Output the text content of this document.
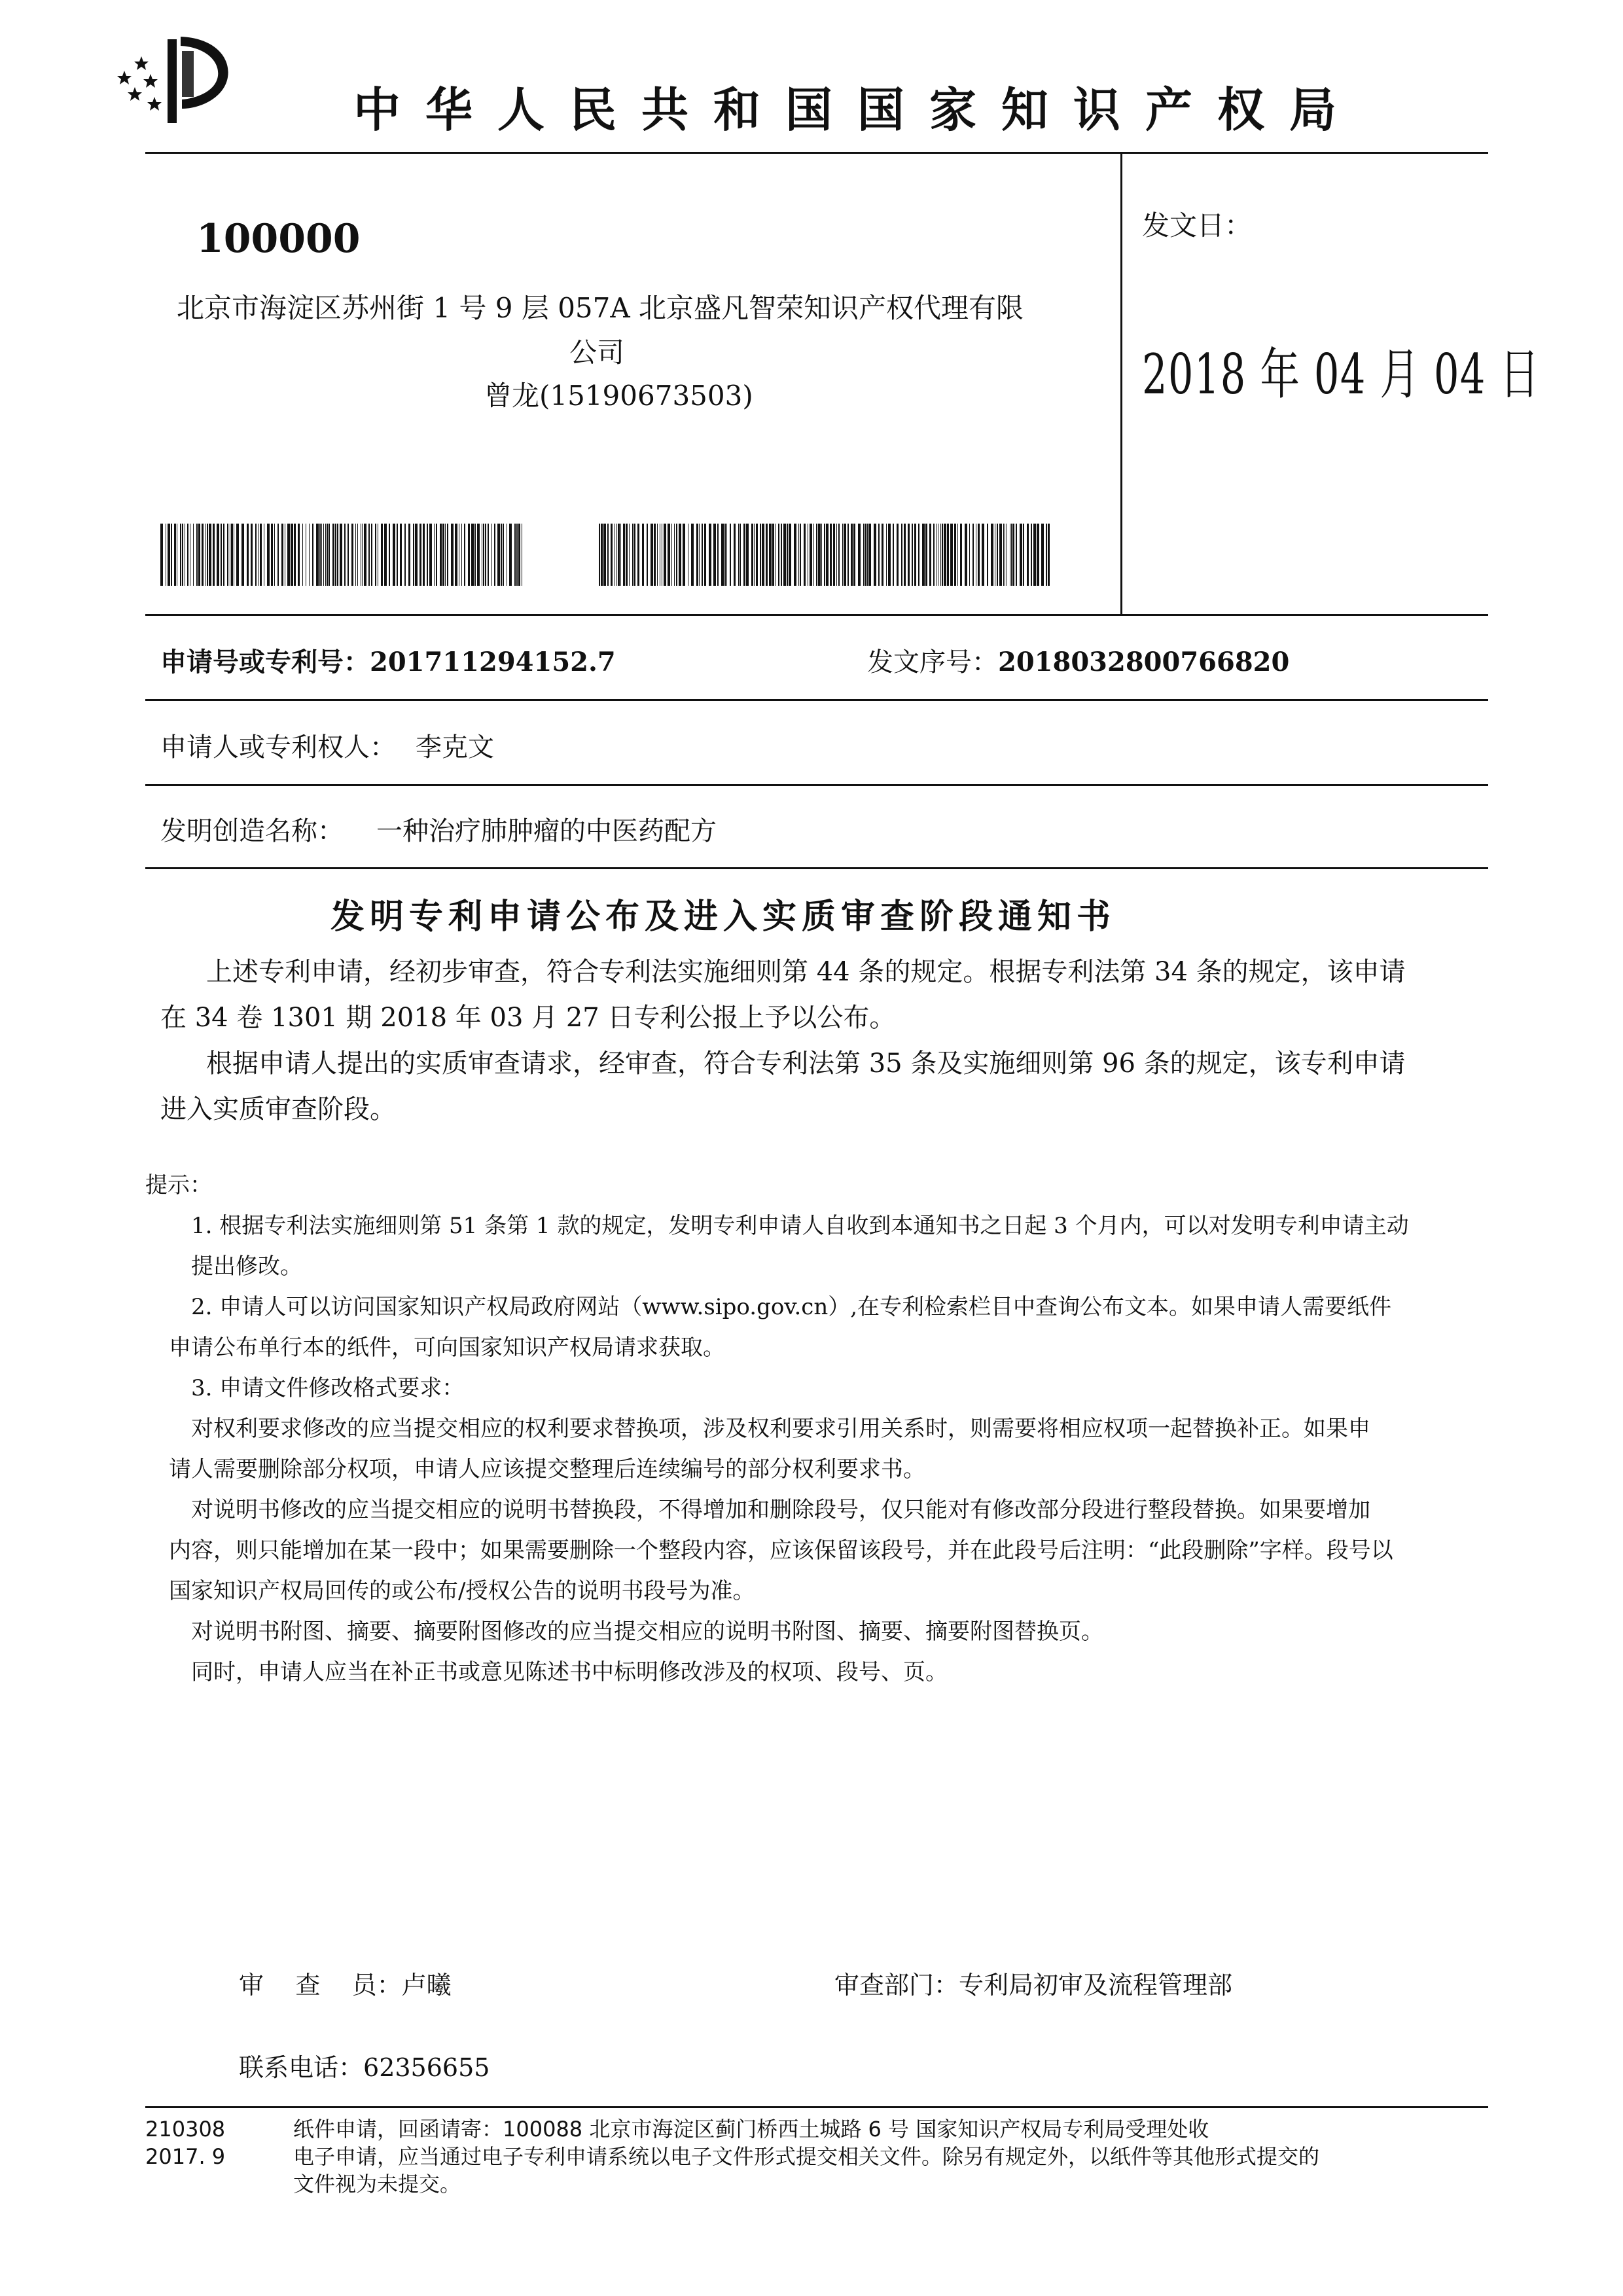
中华人民共和国国家知识产权局
100000
北京市海淀区苏州街 1 号 9 层 057A 北京盛凡智荣知识产权代理有限
公司
曾龙(15190673503)
发文日：
2018 年 04 月 04 日
申请号或专利号：201711294152.7	发文序号：2018032800766820
申请人或专利权人： 李克文
发明创造名称： 一种治疗肺肿瘤的中医药配方
发明专利申请公布及进入实质审查阶段通知书
上述专利申请，经初步审查，符合专利法实施细则第 44 条的规定。根据专利法第 34 条的规定，该申请
在 34 卷 1301 期 2018 年 03 月 27 日专利公报上予以公布。
根据申请人提出的实质审查请求，经审查，符合专利法第 35 条及实施细则第 96 条的规定，该专利申请
进入实质审查阶段。
提示：
1. 根据专利法实施细则第 51 条第 1 款的规定，发明专利申请人自收到本通知书之日起 3 个月内，可以对发明专利申请主动
提出修改。
2. 申请人可以访问国家知识产权局政府网站（www.sipo.gov.cn）,在专利检索栏目中查询公布文本。如果申请人需要纸件
申请公布单行本的纸件，可向国家知识产权局请求获取。
3. 申请文件修改格式要求：
对权利要求修改的应当提交相应的权利要求替换项，涉及权利要求引用关系时，则需要将相应权项一起替换补正。如果申
请人需要删除部分权项，申请人应该提交整理后连续编号的部分权利要求书。
对说明书修改的应当提交相应的说明书替换段，不得增加和删除段号，仅只能对有修改部分段进行整段替换。如果要增加
内容，则只能增加在某一段中；如果需要删除一个整段内容，应该保留该段号，并在此段号后注明：“此段删除”字样。段号以
国家知识产权局回传的或公布/授权公告的说明书段号为准。
对说明书附图、摘要、摘要附图修改的应当提交相应的说明书附图、摘要、摘要附图替换页。
同时，申请人应当在补正书或意见陈述书中标明修改涉及的权项、段号、页。
审    查    员：卢曦	审查部门：专利局初审及流程管理部
联系电话：62356655
210308
2017. 9
纸件申请，回函请寄：100088 北京市海淀区蓟门桥西土城路 6 号 国家知识产权局专利局受理处收
电子申请，应当通过电子专利申请系统以电子文件形式提交相关文件。除另有规定外，以纸件等其他形式提交的
文件视为未提交。
